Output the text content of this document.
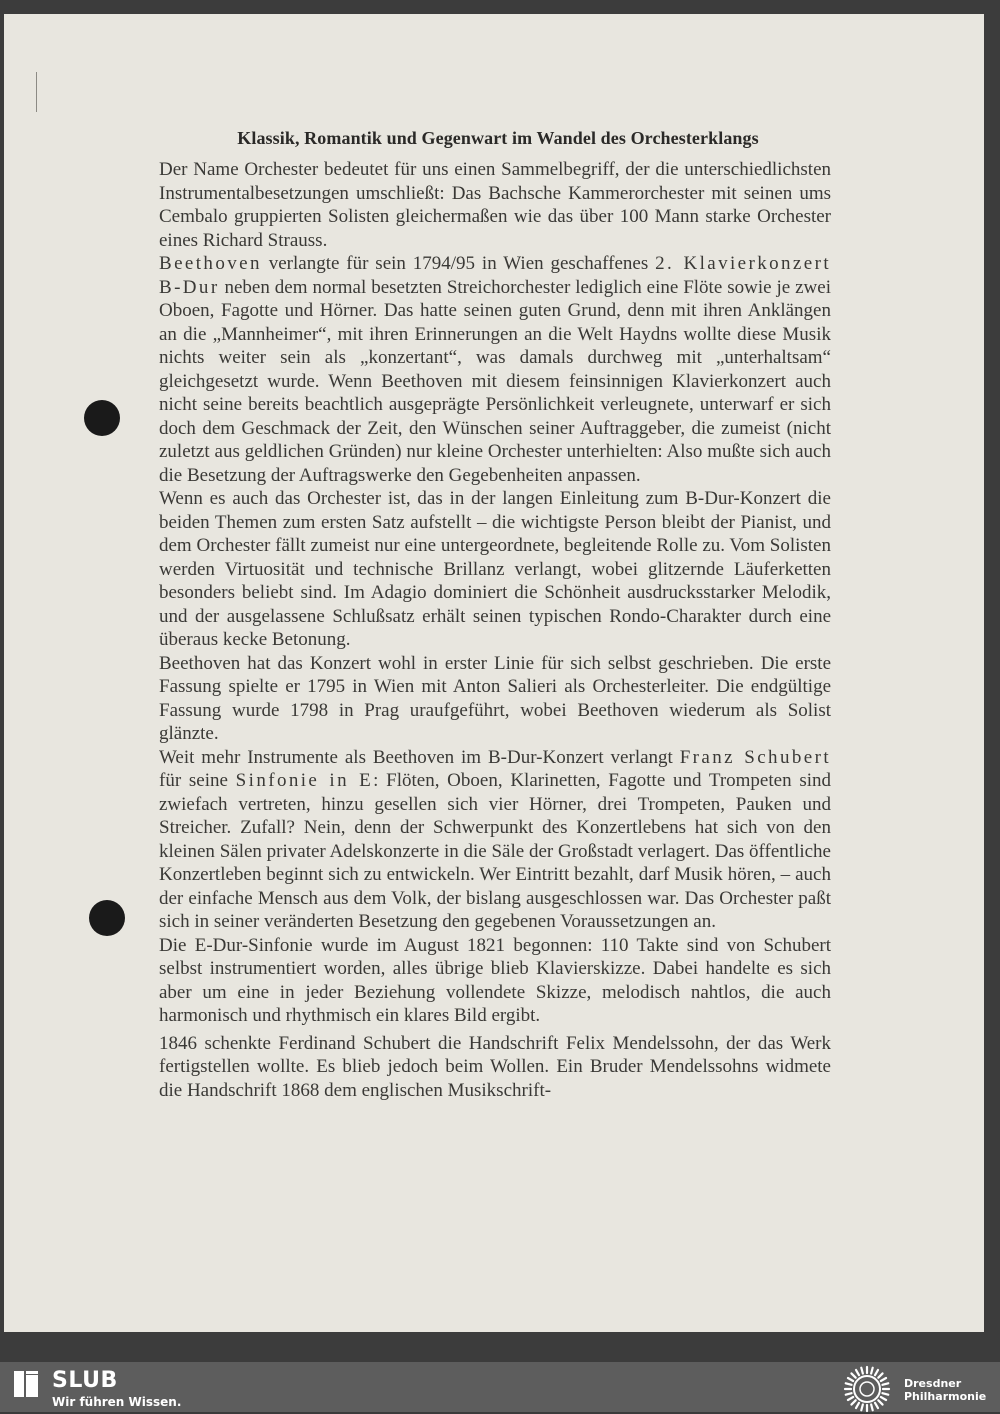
Klassik, Romantik und Gegenwart im Wandel des Orchesterklangs

Der Name Orchester bedeutet für uns einen Sammelbegriff, der die unterschiedlichsten Instrumentalbesetzungen umschließt: Das Bachsche Kammerorchester mit seinen ums Cembalo gruppierten Solisten gleichermaßen wie das über 100 Mann starke Orchester eines Richard Strauss.

Beethoven verlangte für sein 1794/95 in Wien geschaffenes 2. Klavierkonzert B-Dur neben dem normal besetzten Streichorchester lediglich eine Flöte sowie je zwei Oboen, Fagotte und Hörner. Das hatte seinen guten Grund, denn mit ihren Anklängen an die „Mannheimer“, mit ihren Erinnerungen an die Welt Haydns wollte diese Musik nichts weiter sein als „konzertant“, was damals durchweg mit „unterhaltsam“ gleichgesetzt wurde. Wenn Beethoven mit diesem feinsinnigen Klavierkonzert auch nicht seine bereits beachtlich ausgeprägte Persönlichkeit verleugnete, unterwarf er sich doch dem Geschmack der Zeit, den Wünschen seiner Auftraggeber, die zumeist (nicht zuletzt aus geldlichen Gründen) nur kleine Orchester unterhielten: Also mußte sich auch die Besetzung der Auftragswerke den Gegebenheiten anpassen.

Wenn es auch das Orchester ist, das in der langen Einleitung zum B-Dur-Konzert die beiden Themen zum ersten Satz aufstellt – die wichtigste Person bleibt der Pianist, und dem Orchester fällt zumeist nur eine untergeordnete, begleitende Rolle zu. Vom Solisten werden Virtuosität und technische Brillanz verlangt, wobei glitzernde Läuferketten besonders beliebt sind. Im Adagio dominiert die Schönheit ausdrucksstarker Melodik, und der ausgelassene Schlußsatz erhält seinen typischen Rondo-Charakter durch eine überaus kecke Betonung.

Beethoven hat das Konzert wohl in erster Linie für sich selbst geschrieben. Die erste Fassung spielte er 1795 in Wien mit Anton Salieri als Orchesterleiter. Die endgültige Fassung wurde 1798 in Prag uraufgeführt, wobei Beethoven wiederum als Solist glänzte.

Weit mehr Instrumente als Beethoven im B-Dur-Konzert verlangt Franz Schubert für seine Sinfonie in E: Flöten, Oboen, Klarinetten, Fagotte und Trompeten sind zwiefach vertreten, hinzu gesellen sich vier Hörner, drei Trompeten, Pauken und Streicher. Zufall? Nein, denn der Schwerpunkt des Konzertlebens hat sich von den kleinen Sälen privater Adelskonzerte in die Säle der Großstadt verlagert. Das öffentliche Konzertleben beginnt sich zu entwickeln. Wer Eintritt bezahlt, darf Musik hören, – auch der einfache Mensch aus dem Volk, der bislang ausgeschlossen war. Das Orchester paßt sich in seiner veränderten Besetzung den gegebenen Voraussetzungen an.

Die E-Dur-Sinfonie wurde im August 1821 begonnen: 110 Takte sind von Schubert selbst instrumentiert worden, alles übrige blieb Klavierskizze. Dabei handelte es sich aber um eine in jeder Beziehung vollendete Skizze, melodisch nahtlos, die auch harmonisch und rhythmisch ein klares Bild ergibt.

1846 schenkte Ferdinand Schubert die Handschrift Felix Mendelssohn, der das Werk fertigstellen wollte. Es blieb jedoch beim Wollen. Ein Bruder Mendelssohns widmete die Handschrift 1868 dem englischen Musikschrift-

SLUB
Wir führen Wissen.
Dresdner
Philharmonie
